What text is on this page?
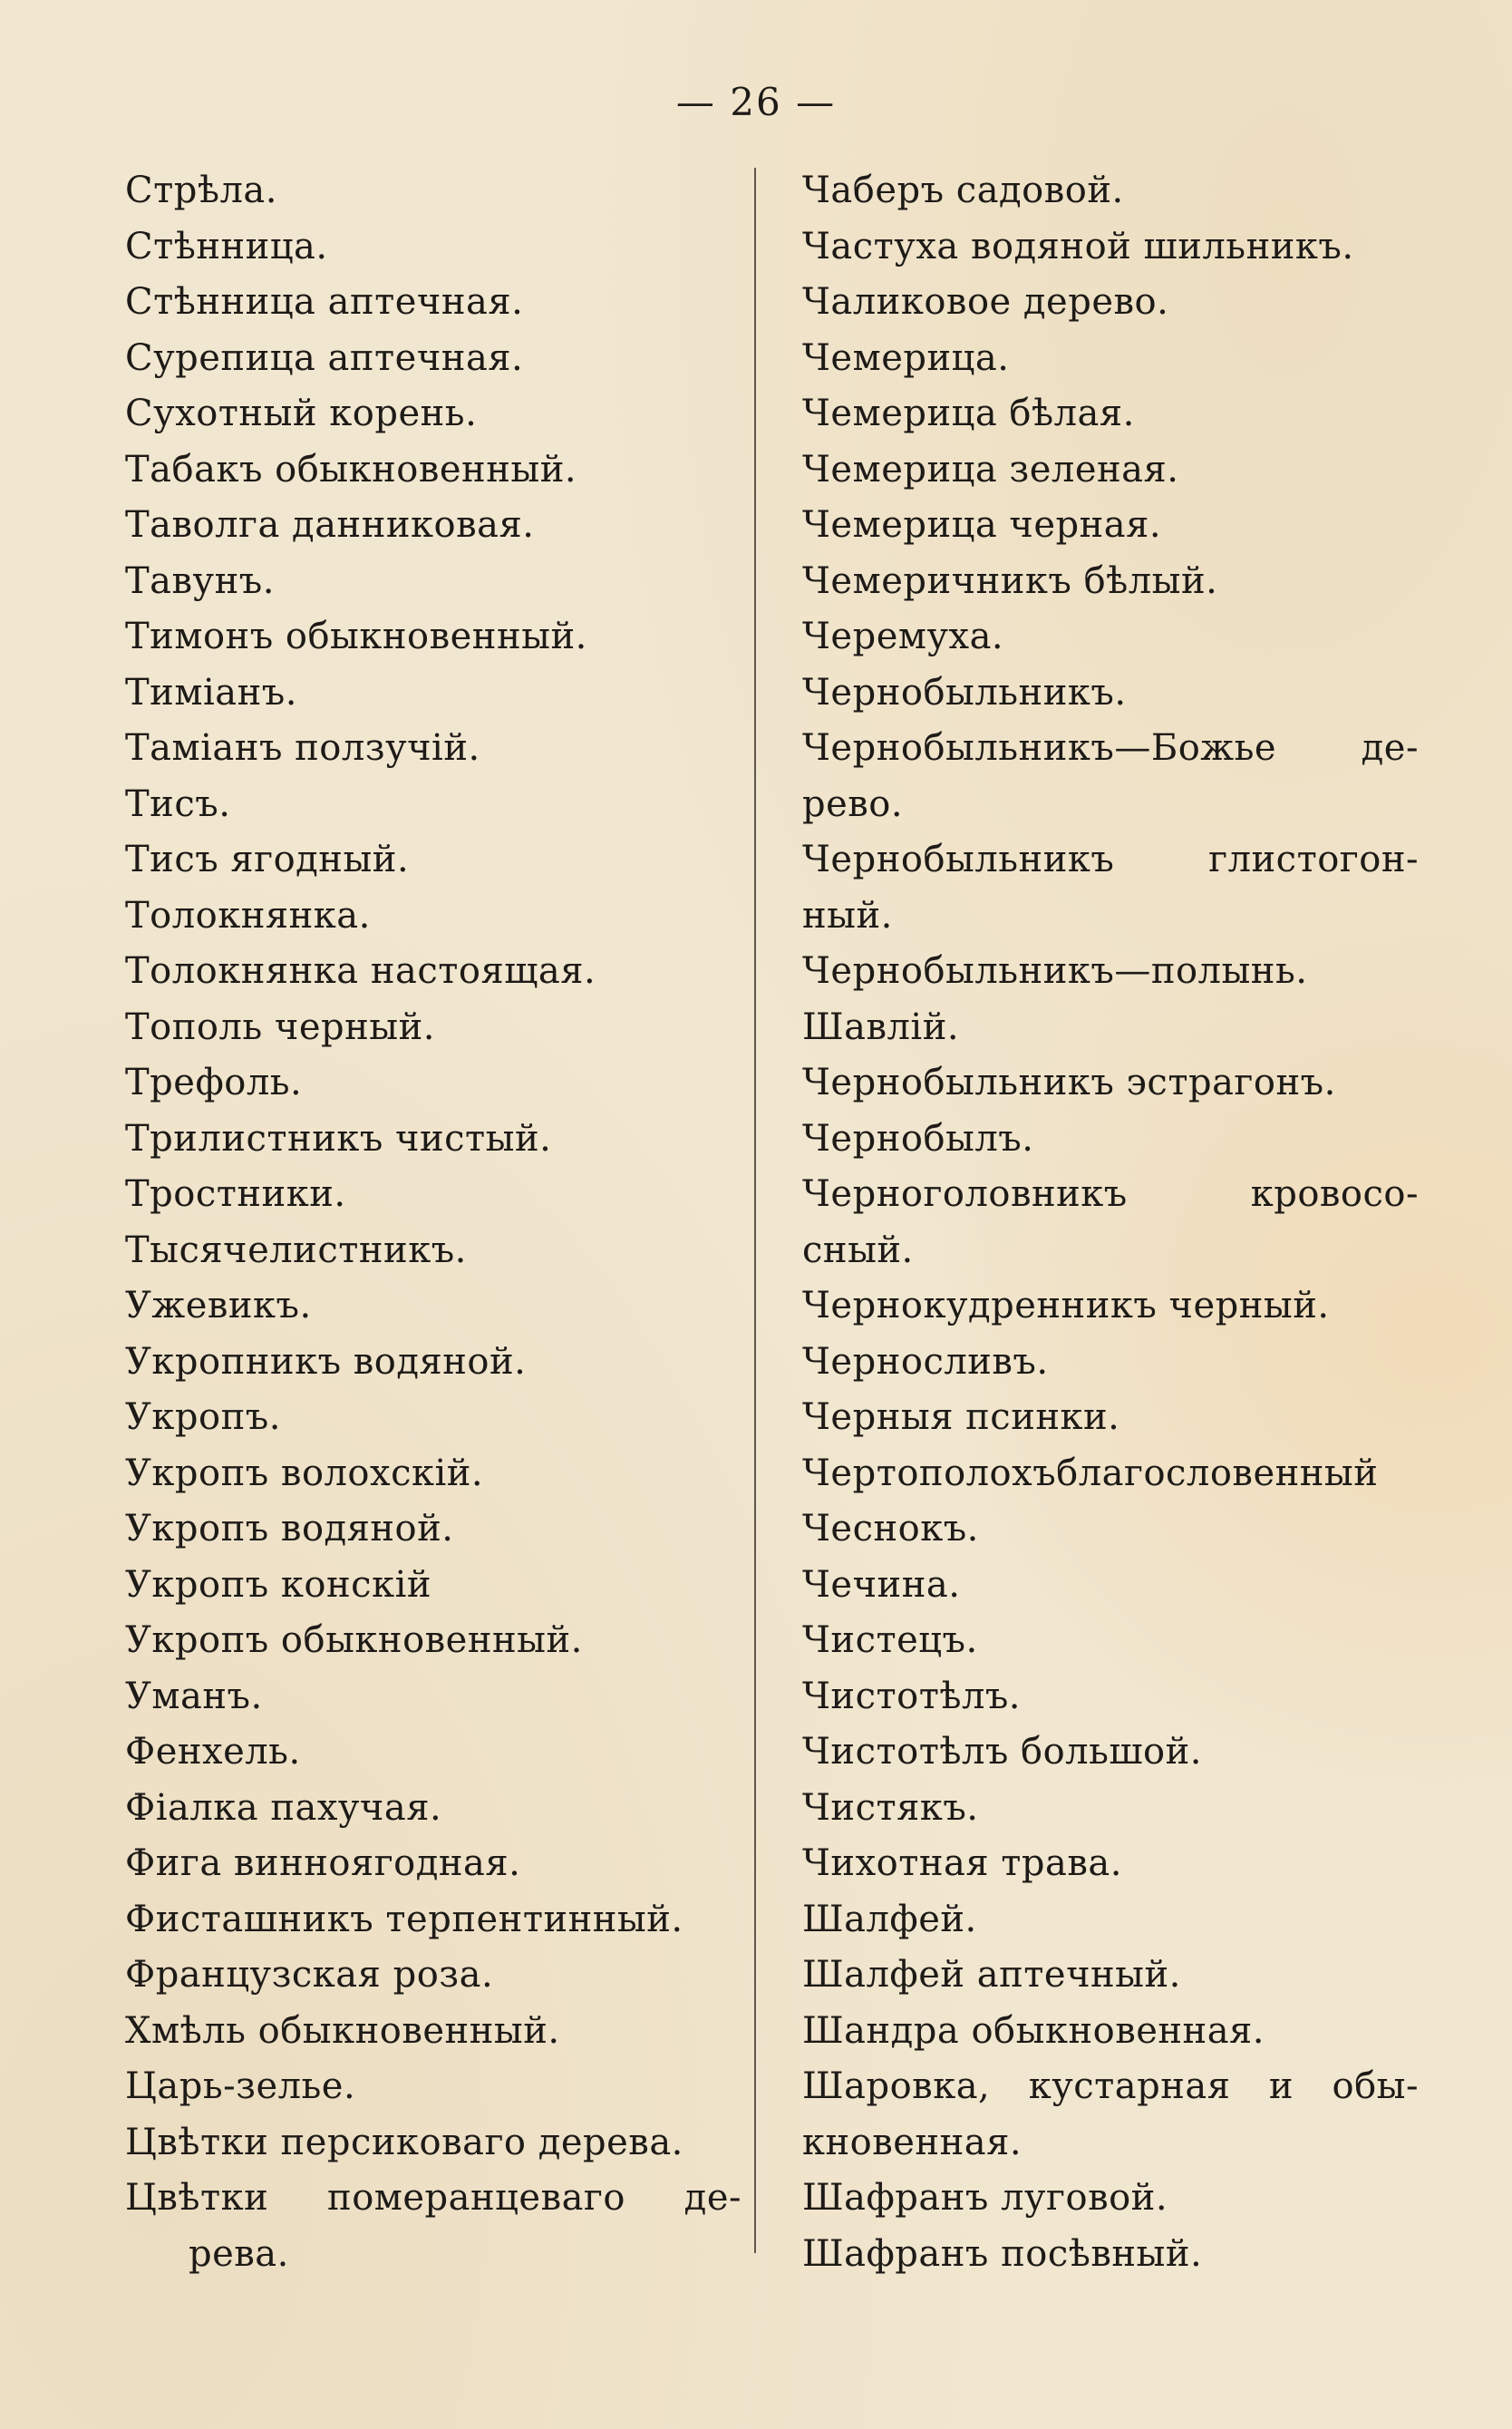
— 26 —

Стрѣла.
Стѣнница.
Стѣнница аптечная.
Сурепица аптечная.
Сухотный корень.
Табакъ обыкновенный.
Таволга данниковая.
Тавунъ.
Тимонъ обыкновенный.
Тиміанъ.
Таміанъ ползучій.
Тисъ.
Тисъ ягодный.
Толокнянка.
Толокнянка настоящая.
Тополь черный.
Трефоль.
Трилистникъ чистый.
Тростники.
Тысячелистникъ.
Ужевикъ.
Укропникъ водяной.
Укропъ.
Укропъ волохскій.
Укропъ водяной.
Укропъ конскій
Укропъ обыкновенный.
Уманъ.
Фенхель.
Фіалка пахучая.
Фига винноягодная.
Фисташникъ терпентинный.
Французская роза.
Хмѣль обыкновенный.
Царь-зелье.
Цвѣтки персиковаго дерева.
Цвѣтки померанцеваго де-
рева.
Чаберъ садовой.
Частуха водяной шильникъ.
Чаликовое дерево.
Чемерица.
Чемерица бѣлая.
Чемерица зеленая.
Чемерица черная.
Чемеричникъ бѣлый.
Черемуха.
Чернобыльникъ.
Чернобыльникъ—Божье де-
рево.
Чернобыльникъ глистогон-
ный.
Чернобыльникъ—полынь.
Шавлій.
Чернобыльникъ эстрагонъ.
Чернобылъ.
Черноголовникъ кровосо-
сный.
Чернокудренникъ черный.
Черносливъ.
Черныя псинки.
Чертополохъблагословенный
Чеснокъ.
Чечина.
Чистецъ.
Чистотѣлъ.
Чистотѣлъ большой.
Чистякъ.
Чихотная трава.
Шалфей.
Шалфей аптечный.
Шандра обыкновенная.
Шаровка, кустарная и обы-
кновенная.
Шафранъ луговой.
Шафранъ посѣвный.
